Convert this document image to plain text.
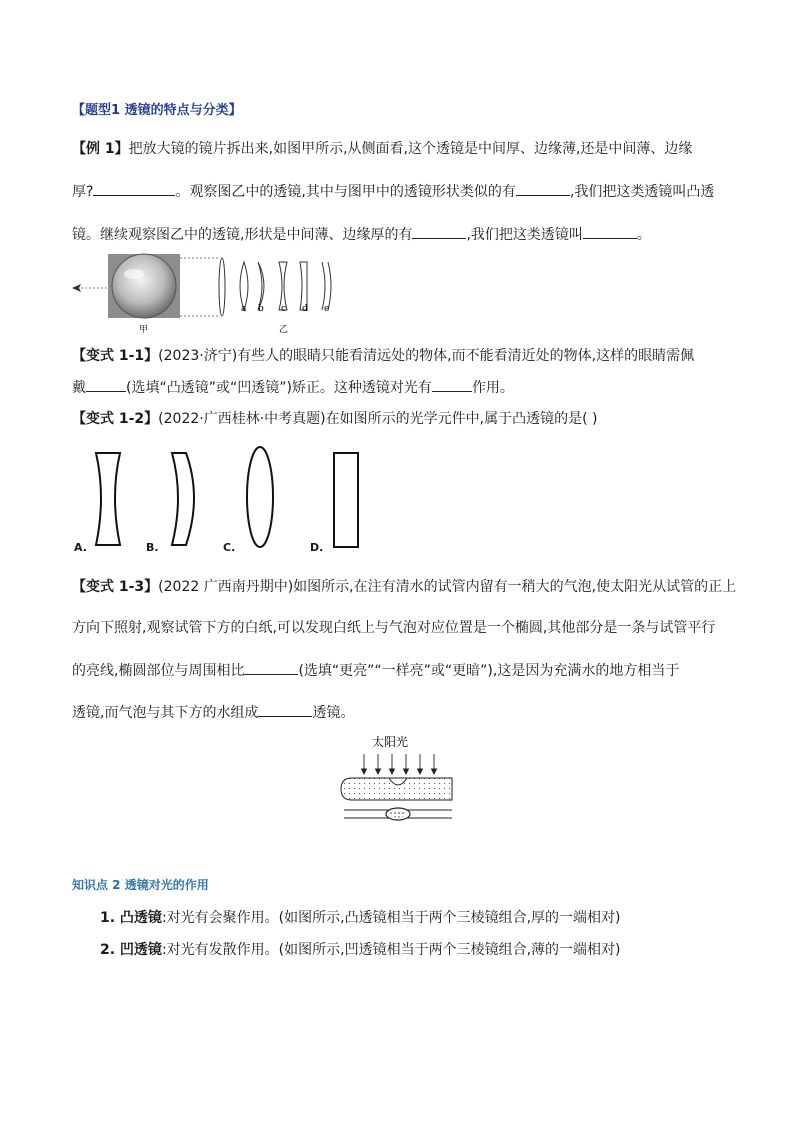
【题型1 透镜的特点与分类】
【例 1】把放大镜的镜片拆出来,如图甲所示,从侧面看,这个透镜是中间厚、边缘薄,还是中间薄、边缘
厚?	。观察图乙中的透镜,其中与图甲中的透镜形状类似的有	,我们把这类透镜叫凸透
镜。继续观察图乙中的透镜,形状是中间薄、边缘厚的有	,我们把这类透镜叫	。
甲
a b c d e
乙
【变式 1-1】(2023·济宁)有些人的眼睛只能看清远处的物体,而不能看清近处的物体,这样的眼睛需佩
戴	(选填“凸透镜”或“凹透镜”)矫正。这种透镜对光有	作用。
【变式 1-2】(2022·广西桂林·中考真题)在如图所示的光学元件中,属于凸透镜的是( )
A.	B.	C.	D.
【变式 1-3】(2022 广西南丹期中)如图所示,在注有清水的试管内留有一稍大的气泡,使太阳光从试管的正上
方向下照射,观察试管下方的白纸,可以发现白纸上与气泡对应位置是一个椭圆,其他部分是一条与试管平行
的亮线,椭圆部位与周围相比	(选填“更亮”“一样亮”或“更暗”),这是因为充满水的地方相当于
透镜,而气泡与其下方的水组成	透镜。
太阳光
知识点 2 透镜对光的作用
1. 凸透镜:对光有会聚作用。(如图所示,凸透镜相当于两个三棱镜组合,厚的一端相对)
2. 凹透镜:对光有发散作用。(如图所示,凹透镜相当于两个三棱镜组合,薄的一端相对)
